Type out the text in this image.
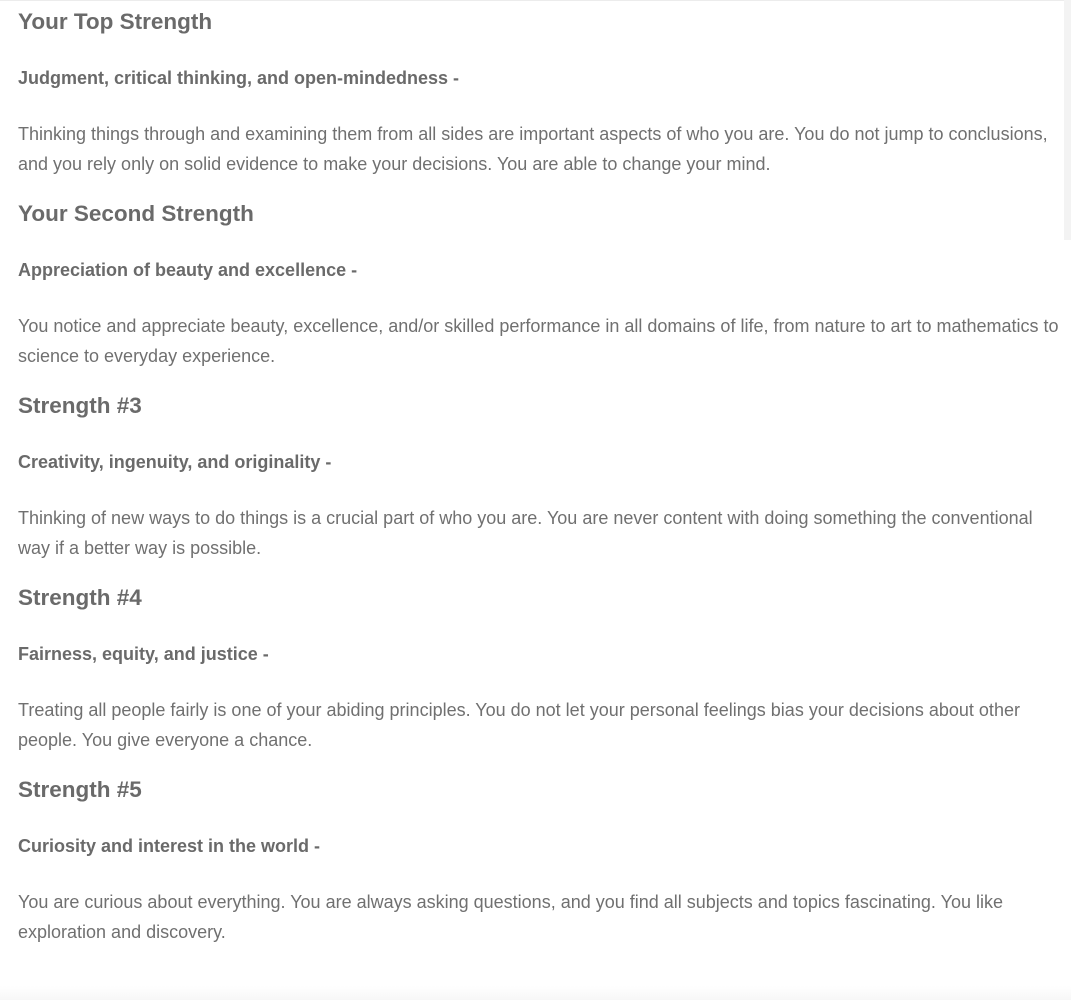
Your Top Strength
Judgment, critical thinking, and open-mindedness -

Thinking things through and examining them from all sides are important aspects of who you are. You do not jump to conclusions, and you rely only on solid evidence to make your decisions. You are able to change your mind.

Your Second Strength
Appreciation of beauty and excellence -

You notice and appreciate beauty, excellence, and/or skilled performance in all domains of life, from nature to art to mathematics to science to everyday experience.

Strength #3
Creativity, ingenuity, and originality -

Thinking of new ways to do things is a crucial part of who you are. You are never content with doing something the conventional way if a better way is possible.

Strength #4
Fairness, equity, and justice -

Treating all people fairly is one of your abiding principles. You do not let your personal feelings bias your decisions about other people. You give everyone a chance.

Strength #5
Curiosity and interest in the world -

You are curious about everything. You are always asking questions, and you find all subjects and topics fascinating. You like exploration and discovery.
